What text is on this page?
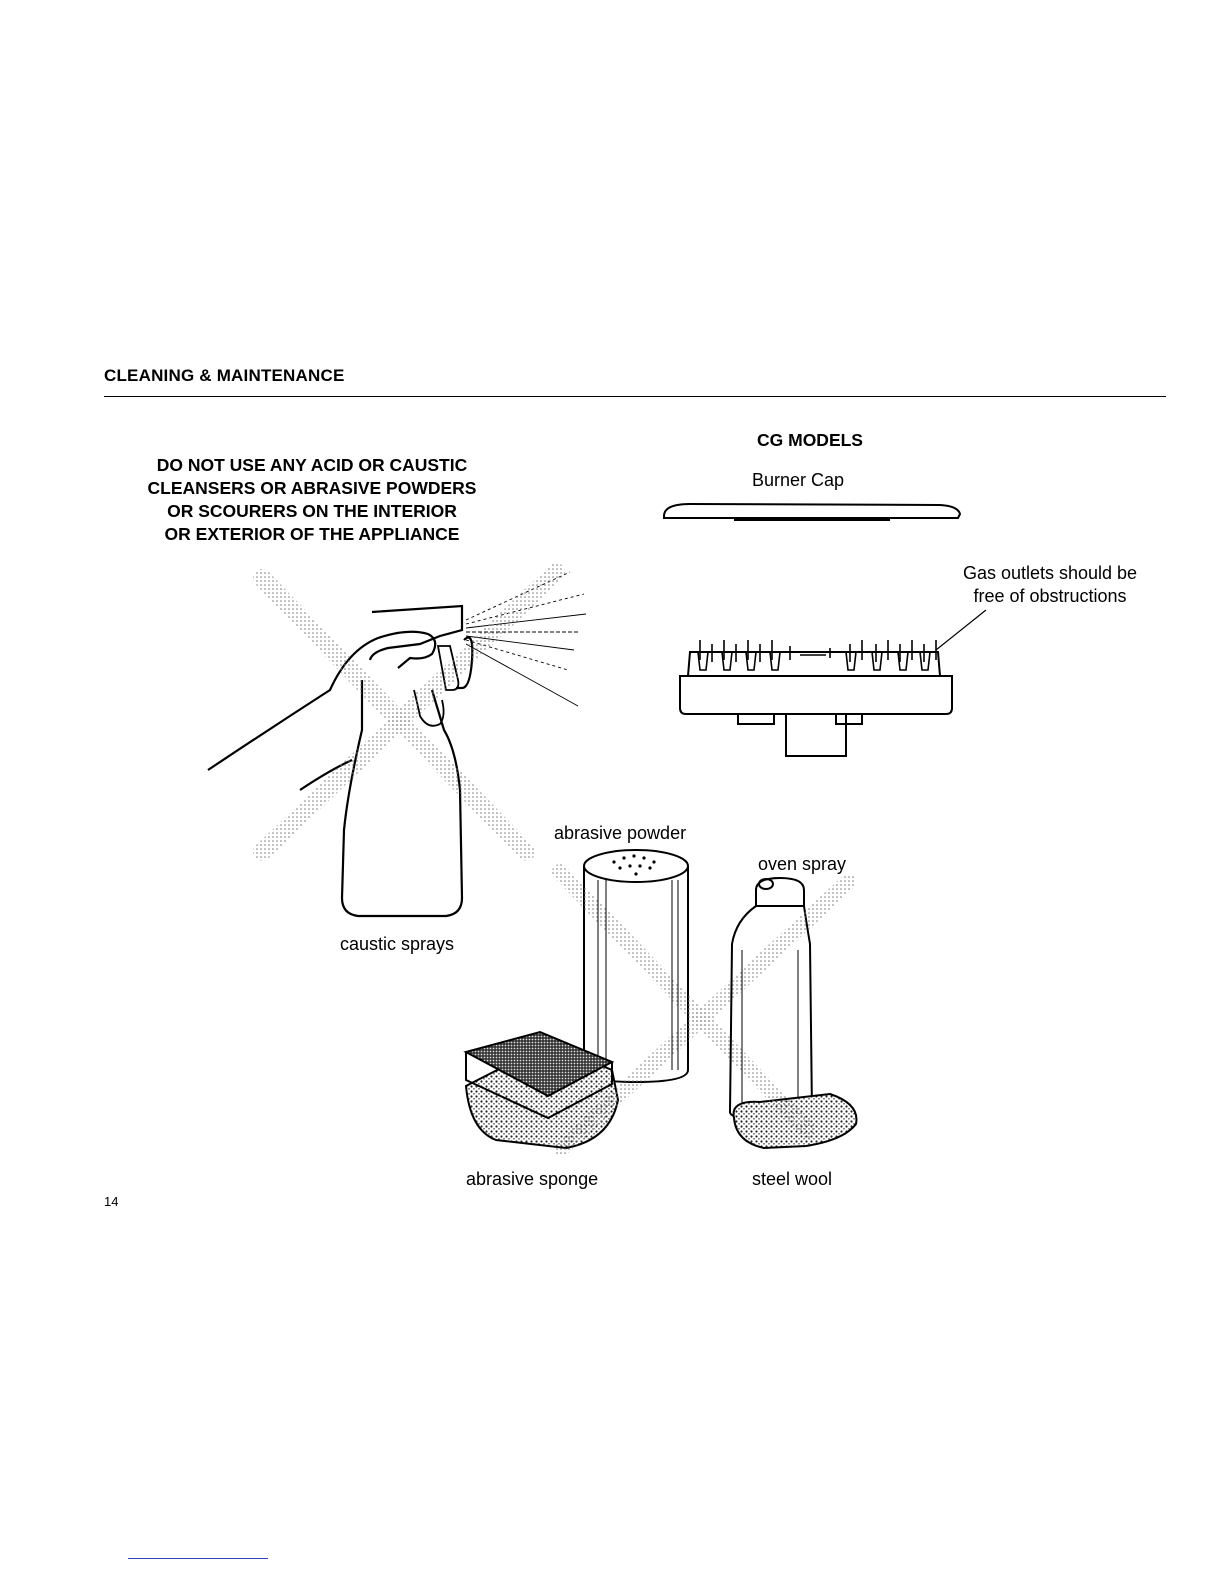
CLEANING & MAINTENANCE
DO NOT USE ANY ACID OR CAUSTIC
CLEANSERS OR ABRASIVE POWDERS
OR SCOURERS ON THE INTERIOR
OR EXTERIOR OF THE APPLIANCE
CG MODELS
Burner Cap
Gas outlets should be
free of obstructions
caustic sprays
abrasive powder
oven spray
abrasive sponge	steel wool
14
